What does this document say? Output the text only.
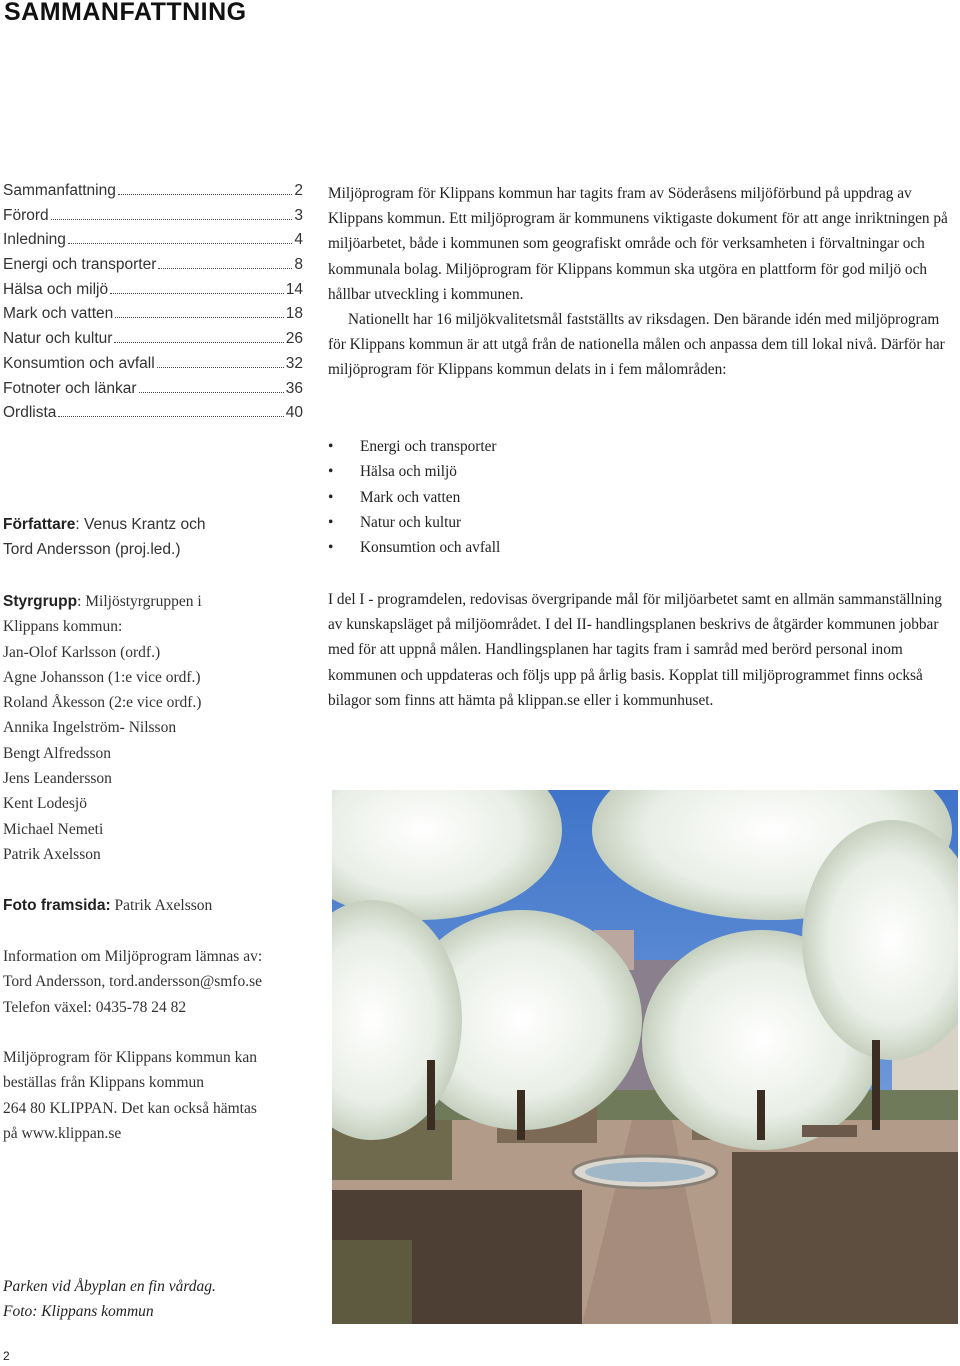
SAMMANFATTNING
Sammanfattning	2
Förord	3
Inledning	4
Energi och transporter	8
Hälsa och miljö	14
Mark och vatten	18
Natur och kultur	26
Konsumtion och avfall	32
Fotnoter och länkar	36
Ordlista	40
Författare: Venus Krantz och
Tord Andersson (proj.led.)
Styrgrupp: Miljöstyrgruppen i
Klippans kommun:
Jan-Olof Karlsson (ordf.)
Agne Johansson (1:e vice ordf.)
Roland Åkesson (2:e vice ordf.)
Annika Ingelström- Nilsson
Bengt Alfredsson
Jens Leandersson
Kent Lodesjö
Michael Nemeti
Patrik Axelsson
Foto framsida: Patrik Axelsson
Information om Miljöprogram lämnas av:
Tord Andersson, tord.andersson@smfo.se
Telefon växel: 0435-78 24 82
Miljöprogram för Klippans kommun kan
beställas från Klippans kommun
264 80 KLIPPAN. Det kan också hämtas
på www.klippan.se

Miljöprogram för Klippans kommun har tagits fram av Söderåsens miljöförbund på uppdrag av Klippans kommun. Ett miljöprogram är kommunens viktigaste dokument för att ange inriktningen på miljöarbetet, både i kommunen som geografiskt område och för verksamheten i förvaltningar och kommunala bolag. Miljöprogram för Klippans kommun ska utgöra en plattform för god miljö och hållbar utveckling i kommunen.

Nationellt har 16 miljökvalitetsmål fastställts av riksdagen. Den bärande idén med miljöprogram för Klippans kommun är att utgå från de nationella målen och anpassa dem till lokal nivå. Därför har miljöprogram för Klippans kommun delats in i fem målområden:

• Energi och transporter
• Hälsa och miljö
• Mark och vatten
• Natur och kultur
• Konsumtion och avfall

I del I - programdelen, redovisas övergripande mål för miljöarbetet samt en allmän sammanställning av kunskapsläget på miljöområdet. I del II- handlingsplanen beskrivs de åtgärder kommunen jobbar med för att uppnå målen. Handlingsplanen har tagits fram i samråd med berörd personal inom kommunen och uppdateras och följs upp på årlig basis. Kopplat till miljöprogrammet finns också bilagor som finns att hämta på klippan.se eller i kommunhuset.

Parken vid Åbyplan en fin vårdag.
Foto: Klippans kommun
2
